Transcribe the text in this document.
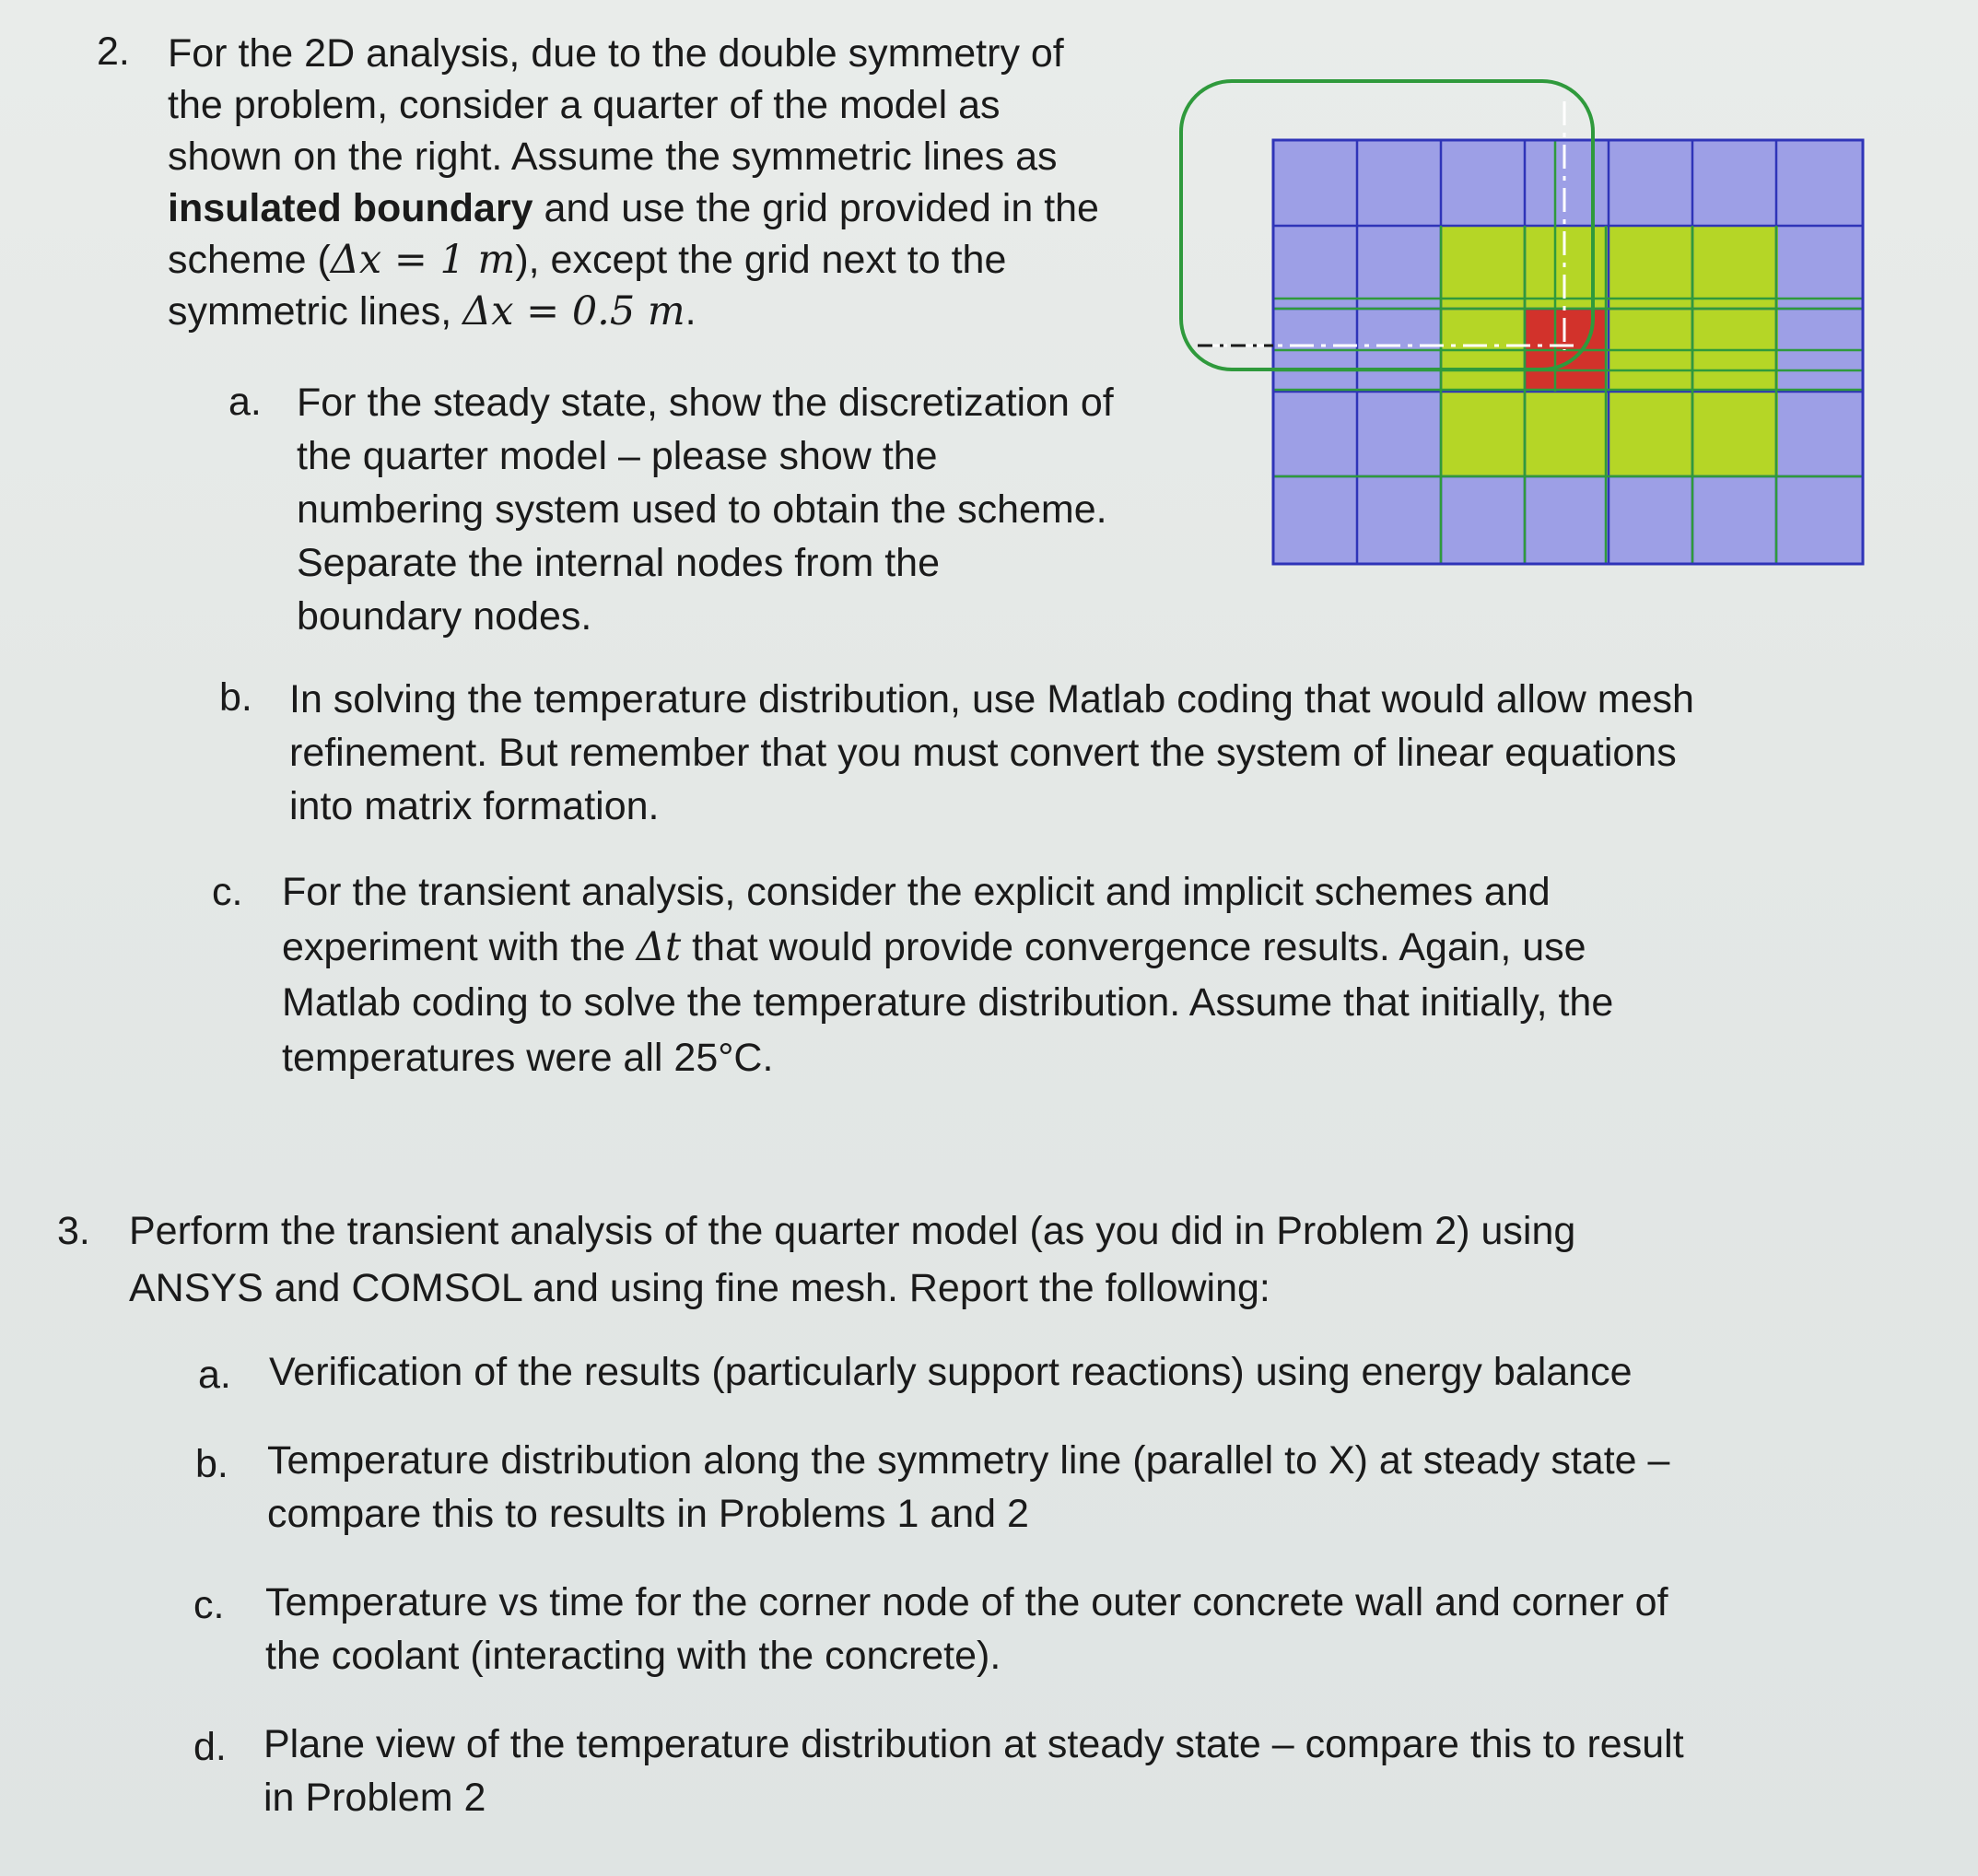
2. For the 2D analysis, due to the double symmetry of
the problem, consider a quarter of the model as
shown on the right. Assume the symmetric lines as
insulated boundary and use the grid provided in the
scheme (Δx = 1 m), except the grid next to the
symmetric lines, Δx = 0.5 m.
a. For the steady state, show the discretization of
the quarter model – please show the
numbering system used to obtain the scheme.
Separate the internal nodes from the
boundary nodes.
b. In solving the temperature distribution, use Matlab coding that would allow mesh
refinement. But remember that you must convert the system of linear equations
into matrix formation.
c. For the transient analysis, consider the explicit and implicit schemes and
experiment with the Δt that would provide convergence results. Again, use
Matlab coding to solve the temperature distribution. Assume that initially, the
temperatures were all 25°C.
3. Perform the transient analysis of the quarter model (as you did in Problem 2) using
ANSYS and COMSOL and using fine mesh. Report the following:
a. Verification of the results (particularly support reactions) using energy balance
b. Temperature distribution along the symmetry line (parallel to X) at steady state –
compare this to results in Problems 1 and 2
c. Temperature vs time for the corner node of the outer concrete wall and corner of
the coolant (interacting with the concrete).
d. Plane view of the temperature distribution at steady state – compare this to result
in Problem 2
